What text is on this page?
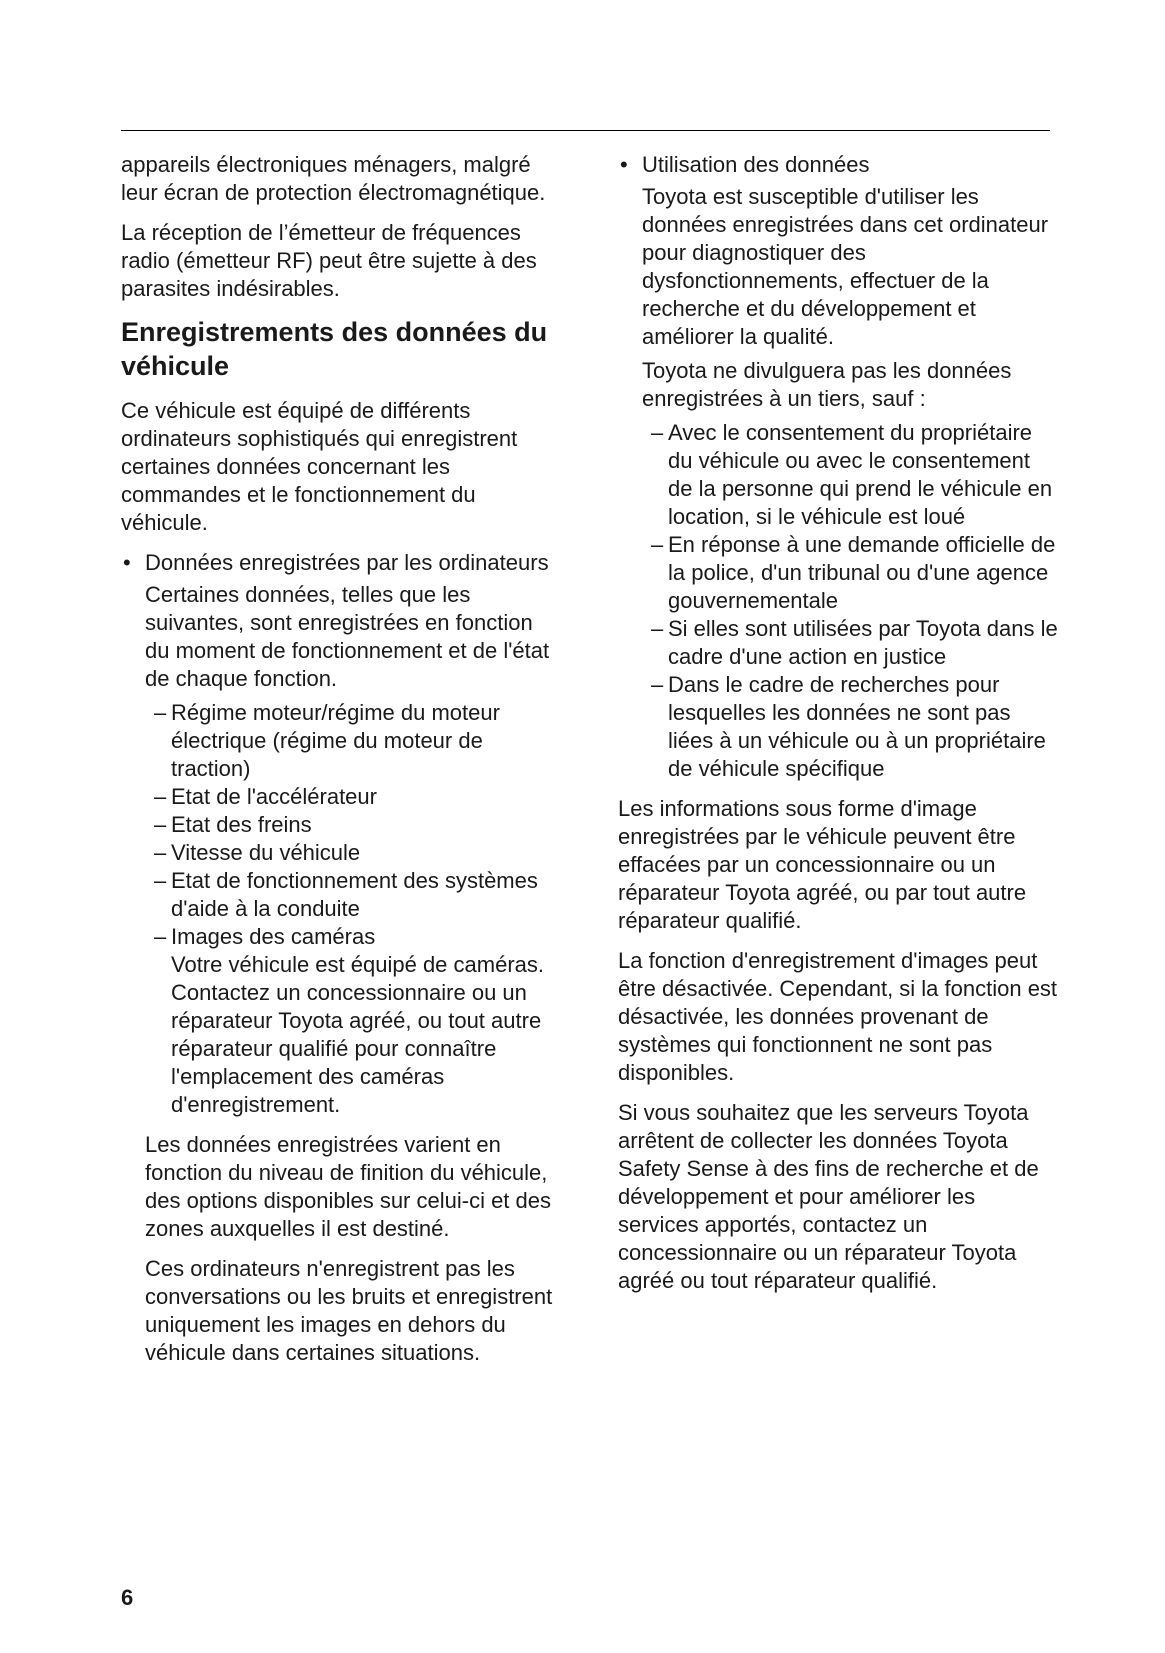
appareils électroniques ménagers, malgré leur écran de protection électromagnétique.

La réception de l’émetteur de fréquences radio (émetteur RF) peut être sujette à des parasites indésirables.

Enregistrements des données du véhicule

Ce véhicule est équipé de différents ordinateurs sophistiqués qui enregistrent certaines données concernant les commandes et le fonctionnement du véhicule.

• Données enregistrées par les ordinateurs

Certaines données, telles que les suivantes, sont enregistrées en fonction du moment de fonctionnement et de l'état de chaque fonction.

– Régime moteur/régime du moteur électrique (régime du moteur de traction)
– Etat de l'accélérateur
– Etat des freins
– Vitesse du véhicule
– Etat de fonctionnement des systèmes d'aide à la conduite
– Images des caméras

Votre véhicule est équipé de caméras. Contactez un concessionnaire ou un réparateur Toyota agréé, ou tout autre réparateur qualifié pour connaître l'emplacement des caméras d'enregistrement.

Les données enregistrées varient en fonction du niveau de finition du véhicule, des options disponibles sur celui-ci et des zones auxquelles il est destiné.

Ces ordinateurs n'enregistrent pas les conversations ou les bruits et enregistrent uniquement les images en dehors du véhicule dans certaines situations.

• Utilisation des données

Toyota est susceptible d'utiliser les données enregistrées dans cet ordinateur pour diagnostiquer des dysfonctionnements, effectuer de la recherche et du développement et améliorer la qualité.

Toyota ne divulguera pas les données enregistrées à un tiers, sauf :

– Avec le consentement du propriétaire du véhicule ou avec le consentement de la personne qui prend le véhicule en location, si le véhicule est loué
– En réponse à une demande officielle de la police, d'un tribunal ou d'une agence gouvernementale
– Si elles sont utilisées par Toyota dans le cadre d'une action en justice
– Dans le cadre de recherches pour lesquelles les données ne sont pas liées à un véhicule ou à un propriétaire de véhicule spécifique

Les informations sous forme d'image enregistrées par le véhicule peuvent être effacées par un concessionnaire ou un réparateur Toyota agréé, ou par tout autre réparateur qualifié.

La fonction d'enregistrement d'images peut être désactivée. Cependant, si la fonction est désactivée, les données provenant de systèmes qui fonctionnent ne sont pas disponibles.

Si vous souhaitez que les serveurs Toyota arrêtent de collecter les données Toyota Safety Sense à des fins de recherche et de développement et pour améliorer les services apportés, contactez un concessionnaire ou un réparateur Toyota agréé ou tout réparateur qualifié.

6
